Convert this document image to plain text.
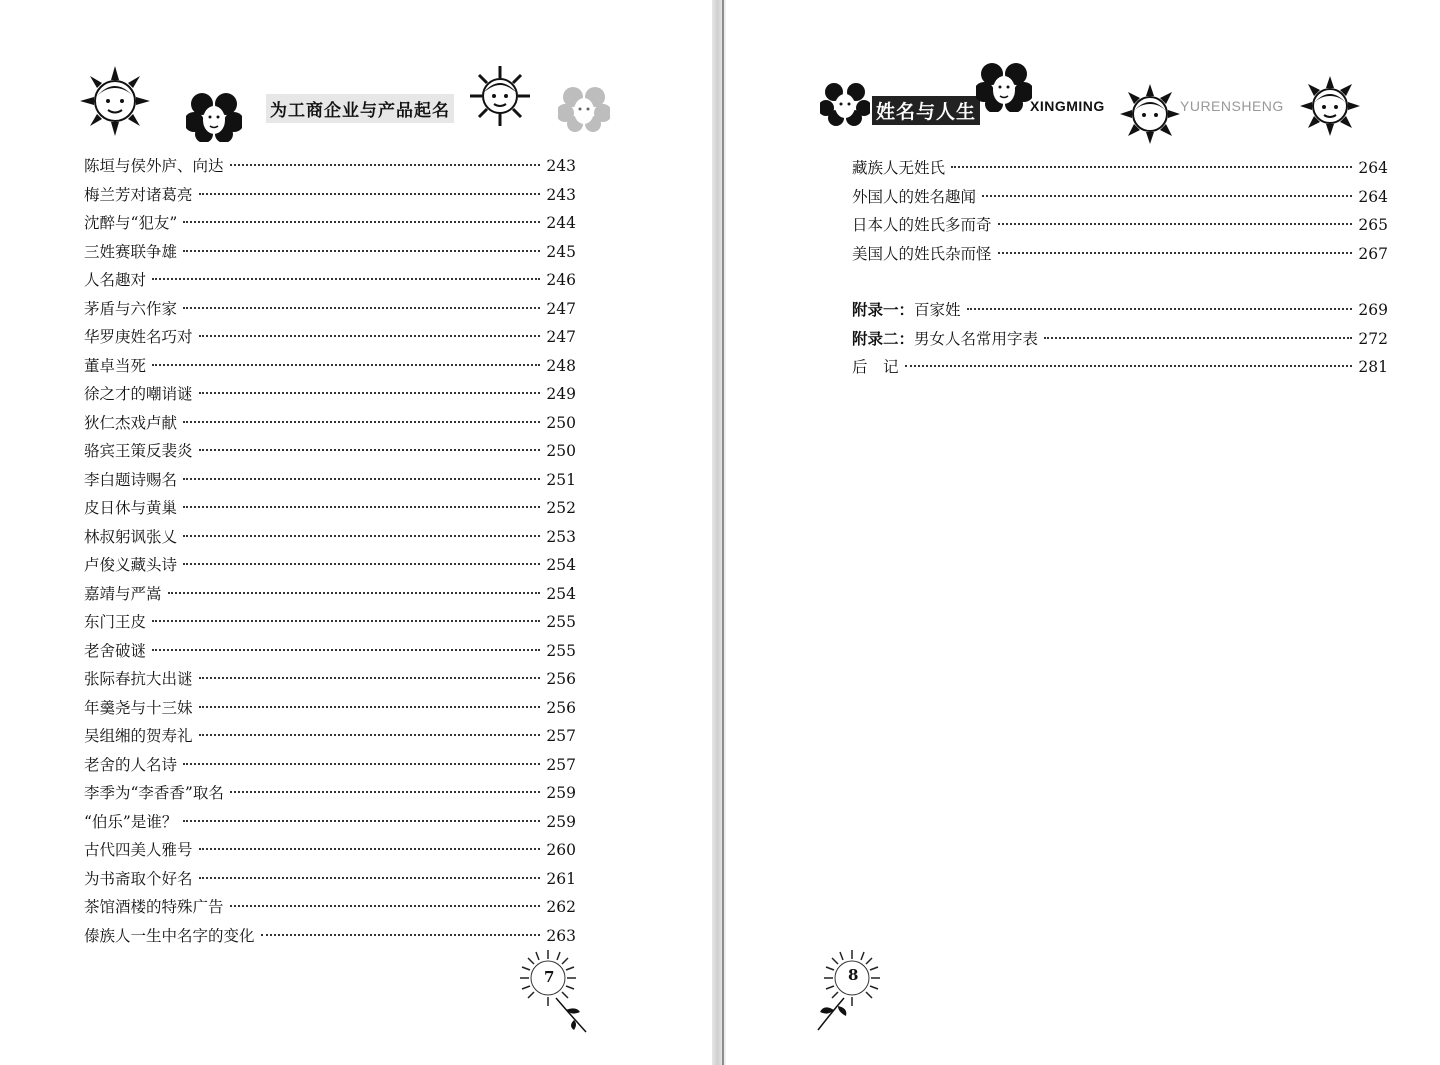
为工商企业与产品起名
陈垣与侯外庐、向达	243
梅兰芳对诸葛亮	243
沈醉与“犯友”	244
三姓赛联争雄	245
人名趣对	246
茅盾与六作家	247
华罗庚姓名巧对	247
董卓当死	248
徐之才的嘲诮谜	249
狄仁杰戏卢献	250
骆宾王策反裴炎	250
李白题诗赐名	251
皮日休与黄巢	252
林叔躬讽张乂	253
卢俊义藏头诗	254
嘉靖与严嵩	254
东门王皮	255
老舍破谜	255
张际春抗大出谜	256
年羹尧与十三妹	256
吴组缃的贺寿礼	257
老舍的人名诗	257
李季为“李香香”取名	259
“伯乐”是谁？	259
古代四美人雅号	260
为书斋取个好名	261
茶馆酒楼的特殊广告	262
傣族人一生中名字的变化	263
7
姓名与人生	XINGMING	YURENSHENG
藏族人无姓氏	264
外国人的姓名趣闻	264
日本人的姓氏多而奇	265
美国人的姓氏杂而怪	267
附录一：百家姓	269
附录二：男女人名常用字表	272
后　记	281
8
